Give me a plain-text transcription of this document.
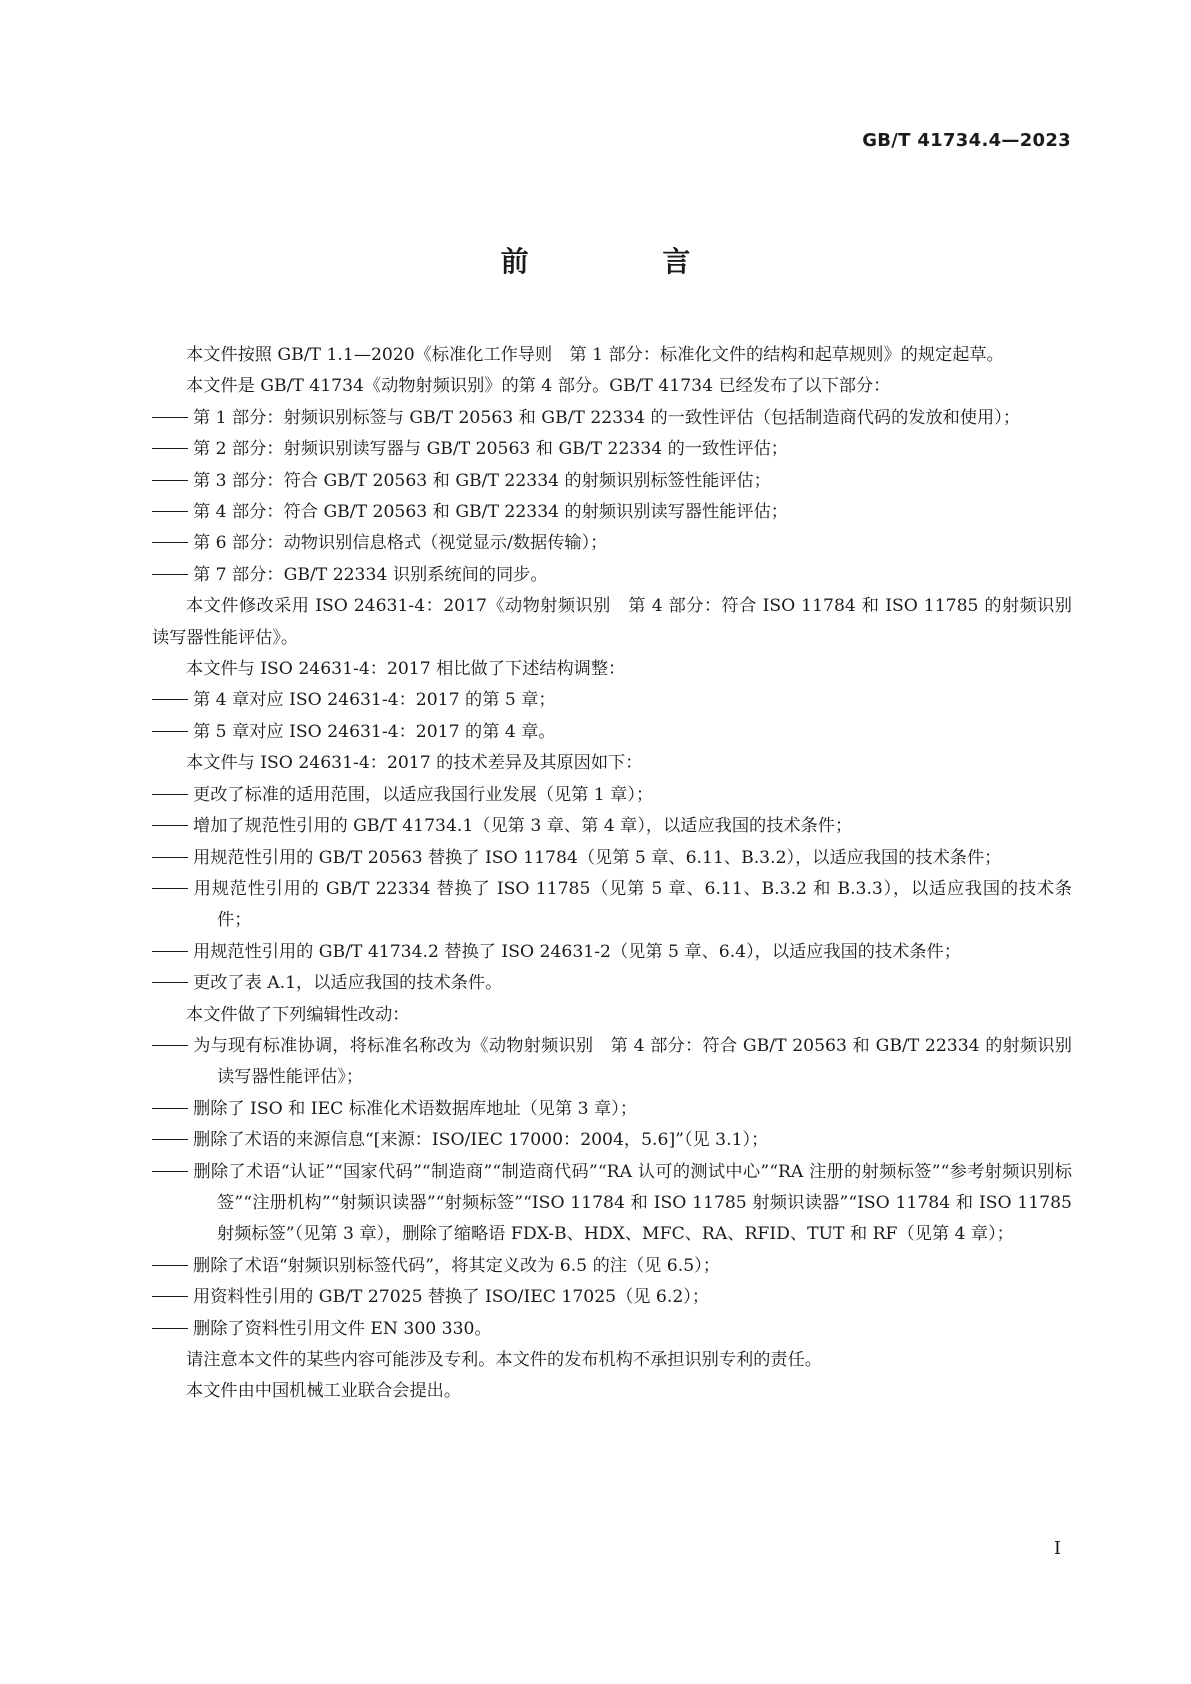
GB/T 41734.4—2023
前 言

本文件按照 GB/T 1.1—2020《标准化工作导则　第 1 部分：标准化文件的结构和起草规则》的规定起草。

本文件是 GB/T 41734《动物射频识别》的第 4 部分。GB/T 41734 已经发布了以下部分：

第 1 部分：射频识别标签与 GB/T 20563 和 GB/T 22334 的一致性评估（包括制造商代码的发放和使用）；

第 2 部分：射频识别读写器与 GB/T 20563 和 GB/T 22334 的一致性评估；

第 3 部分：符合 GB/T 20563 和 GB/T 22334 的射频识别标签性能评估；

第 4 部分：符合 GB/T 20563 和 GB/T 22334 的射频识别读写器性能评估；

第 6 部分：动物识别信息格式（视觉显示/数据传输）；

第 7 部分：GB/T 22334 识别系统间的同步。

本文件修改采用 ISO 24631-4：2017《动物射频识别　第 4 部分：符合 ISO 11784 和 ISO 11785 的射频识别读写器性能评估》。

本文件与 ISO 24631-4：2017 相比做了下述结构调整：

第 4 章对应 ISO 24631-4：2017 的第 5 章；

第 5 章对应 ISO 24631-4：2017 的第 4 章。

本文件与 ISO 24631-4：2017 的技术差异及其原因如下：

更改了标准的适用范围，以适应我国行业发展（见第 1 章）；

增加了规范性引用的 GB/T 41734.1（见第 3 章、第 4 章），以适应我国的技术条件；

用规范性引用的 GB/T 20563 替换了 ISO 11784（见第 5 章、6.11、B.3.2），以适应我国的技术条件；

用规范性引用的 GB/T 22334 替换了 ISO 11785（见第 5 章、6.11、B.3.2 和 B.3.3），以适应我国的技术条件；

用规范性引用的 GB/T 41734.2 替换了 ISO 24631-2（见第 5 章、6.4），以适应我国的技术条件；

更改了表 A.1，以适应我国的技术条件。

本文件做了下列编辑性改动：

为与现有标准协调，将标准名称改为《动物射频识别　第 4 部分：符合 GB/T 20563 和 GB/T 22334 的射频识别读写器性能评估》；

删除了 ISO 和 IEC 标准化术语数据库地址（见第 3 章）；

删除了术语的来源信息“[来源：ISO/IEC 17000：2004，5.6]”（见 3.1）；

删除了术语“认证”“国家代码”“制造商”“制造商代码”“RA 认可的测试中心”“RA 注册的射频标签”“参考射频识别标签”“注册机构”“射频识读器”“射频标签”“ISO 11784 和 ISO 11785 射频识读器”“ISO 11784 和 ISO 11785 射频标签”（见第 3 章），删除了缩略语 FDX-B、HDX、MFC、RA、RFID、TUT 和 RF（见第 4 章）；

删除了术语“射频识别标签代码”，将其定义改为 6.5 的注（见 6.5）；

用资料性引用的 GB/T 27025 替换了 ISO/IEC 17025（见 6.2）；

删除了资料性引用文件 EN 300 330。

请注意本文件的某些内容可能涉及专利。本文件的发布机构不承担识别专利的责任。

本文件由中国机械工业联合会提出。

I
